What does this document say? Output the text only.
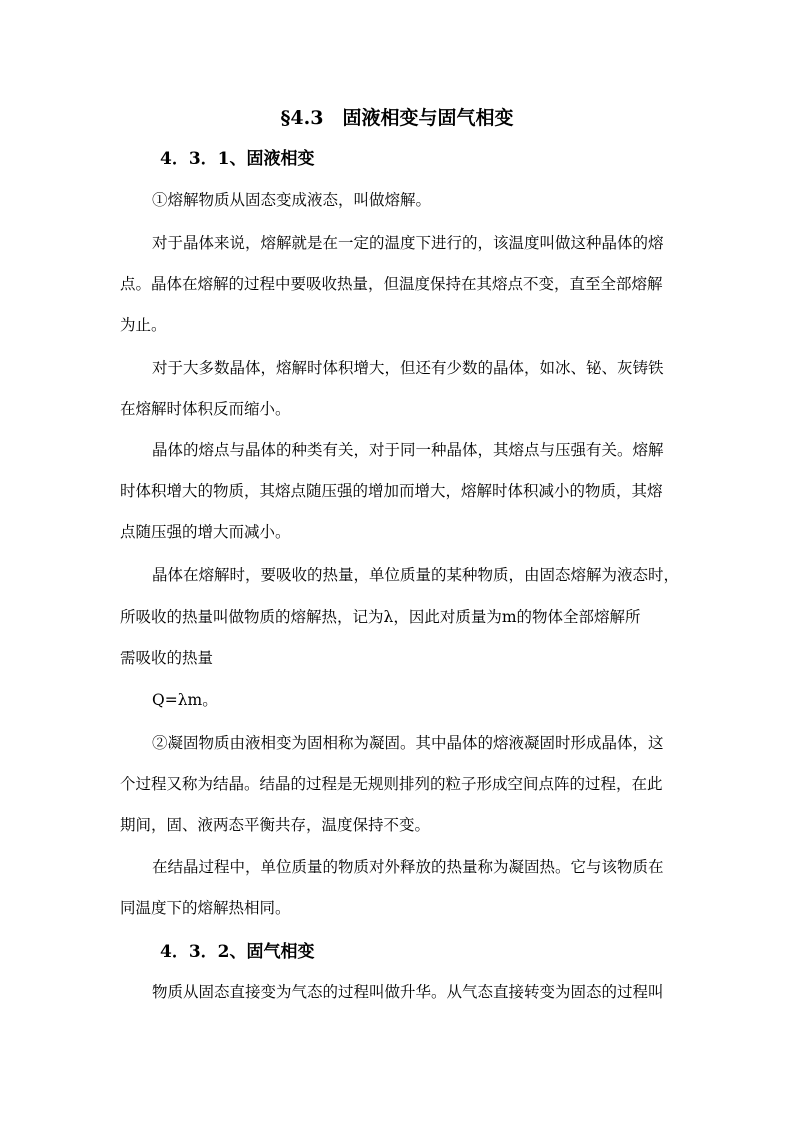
§4.3　固液相变与固气相变
4．3．1、固液相变
①熔解物质从固态变成液态，叫做熔解。
对于晶体来说，熔解就是在一定的温度下进行的，该温度叫做这种晶体的熔
点。晶体在熔解的过程中要吸收热量，但温度保持在其熔点不变，直至全部熔解
为止。
对于大多数晶体，熔解时体积增大，但还有少数的晶体，如冰、铋、灰铸铁
在熔解时体积反而缩小。
晶体的熔点与晶体的种类有关，对于同一种晶体，其熔点与压强有关。熔解
时体积增大的物质，其熔点随压强的增加而增大，熔解时体积减小的物质，其熔
点随压强的增大而减小。
晶体在熔解时，要吸收的热量，单位质量的某种物质，由固态熔解为液态时，
所吸收的热量叫做物质的熔解热，记为λ，因此对质量为m的物体全部熔解所
需吸收的热量
Q=λm。
②凝固物质由液相变为固相称为凝固。其中晶体的熔液凝固时形成晶体，这
个过程又称为结晶。结晶的过程是无规则排列的粒子形成空间点阵的过程，在此
期间，固、液两态平衡共存，温度保持不变。
在结晶过程中，单位质量的物质对外释放的热量称为凝固热。它与该物质在
同温度下的熔解热相同。
4．3．2、固气相变
物质从固态直接变为气态的过程叫做升华。从气态直接转变为固态的过程叫
